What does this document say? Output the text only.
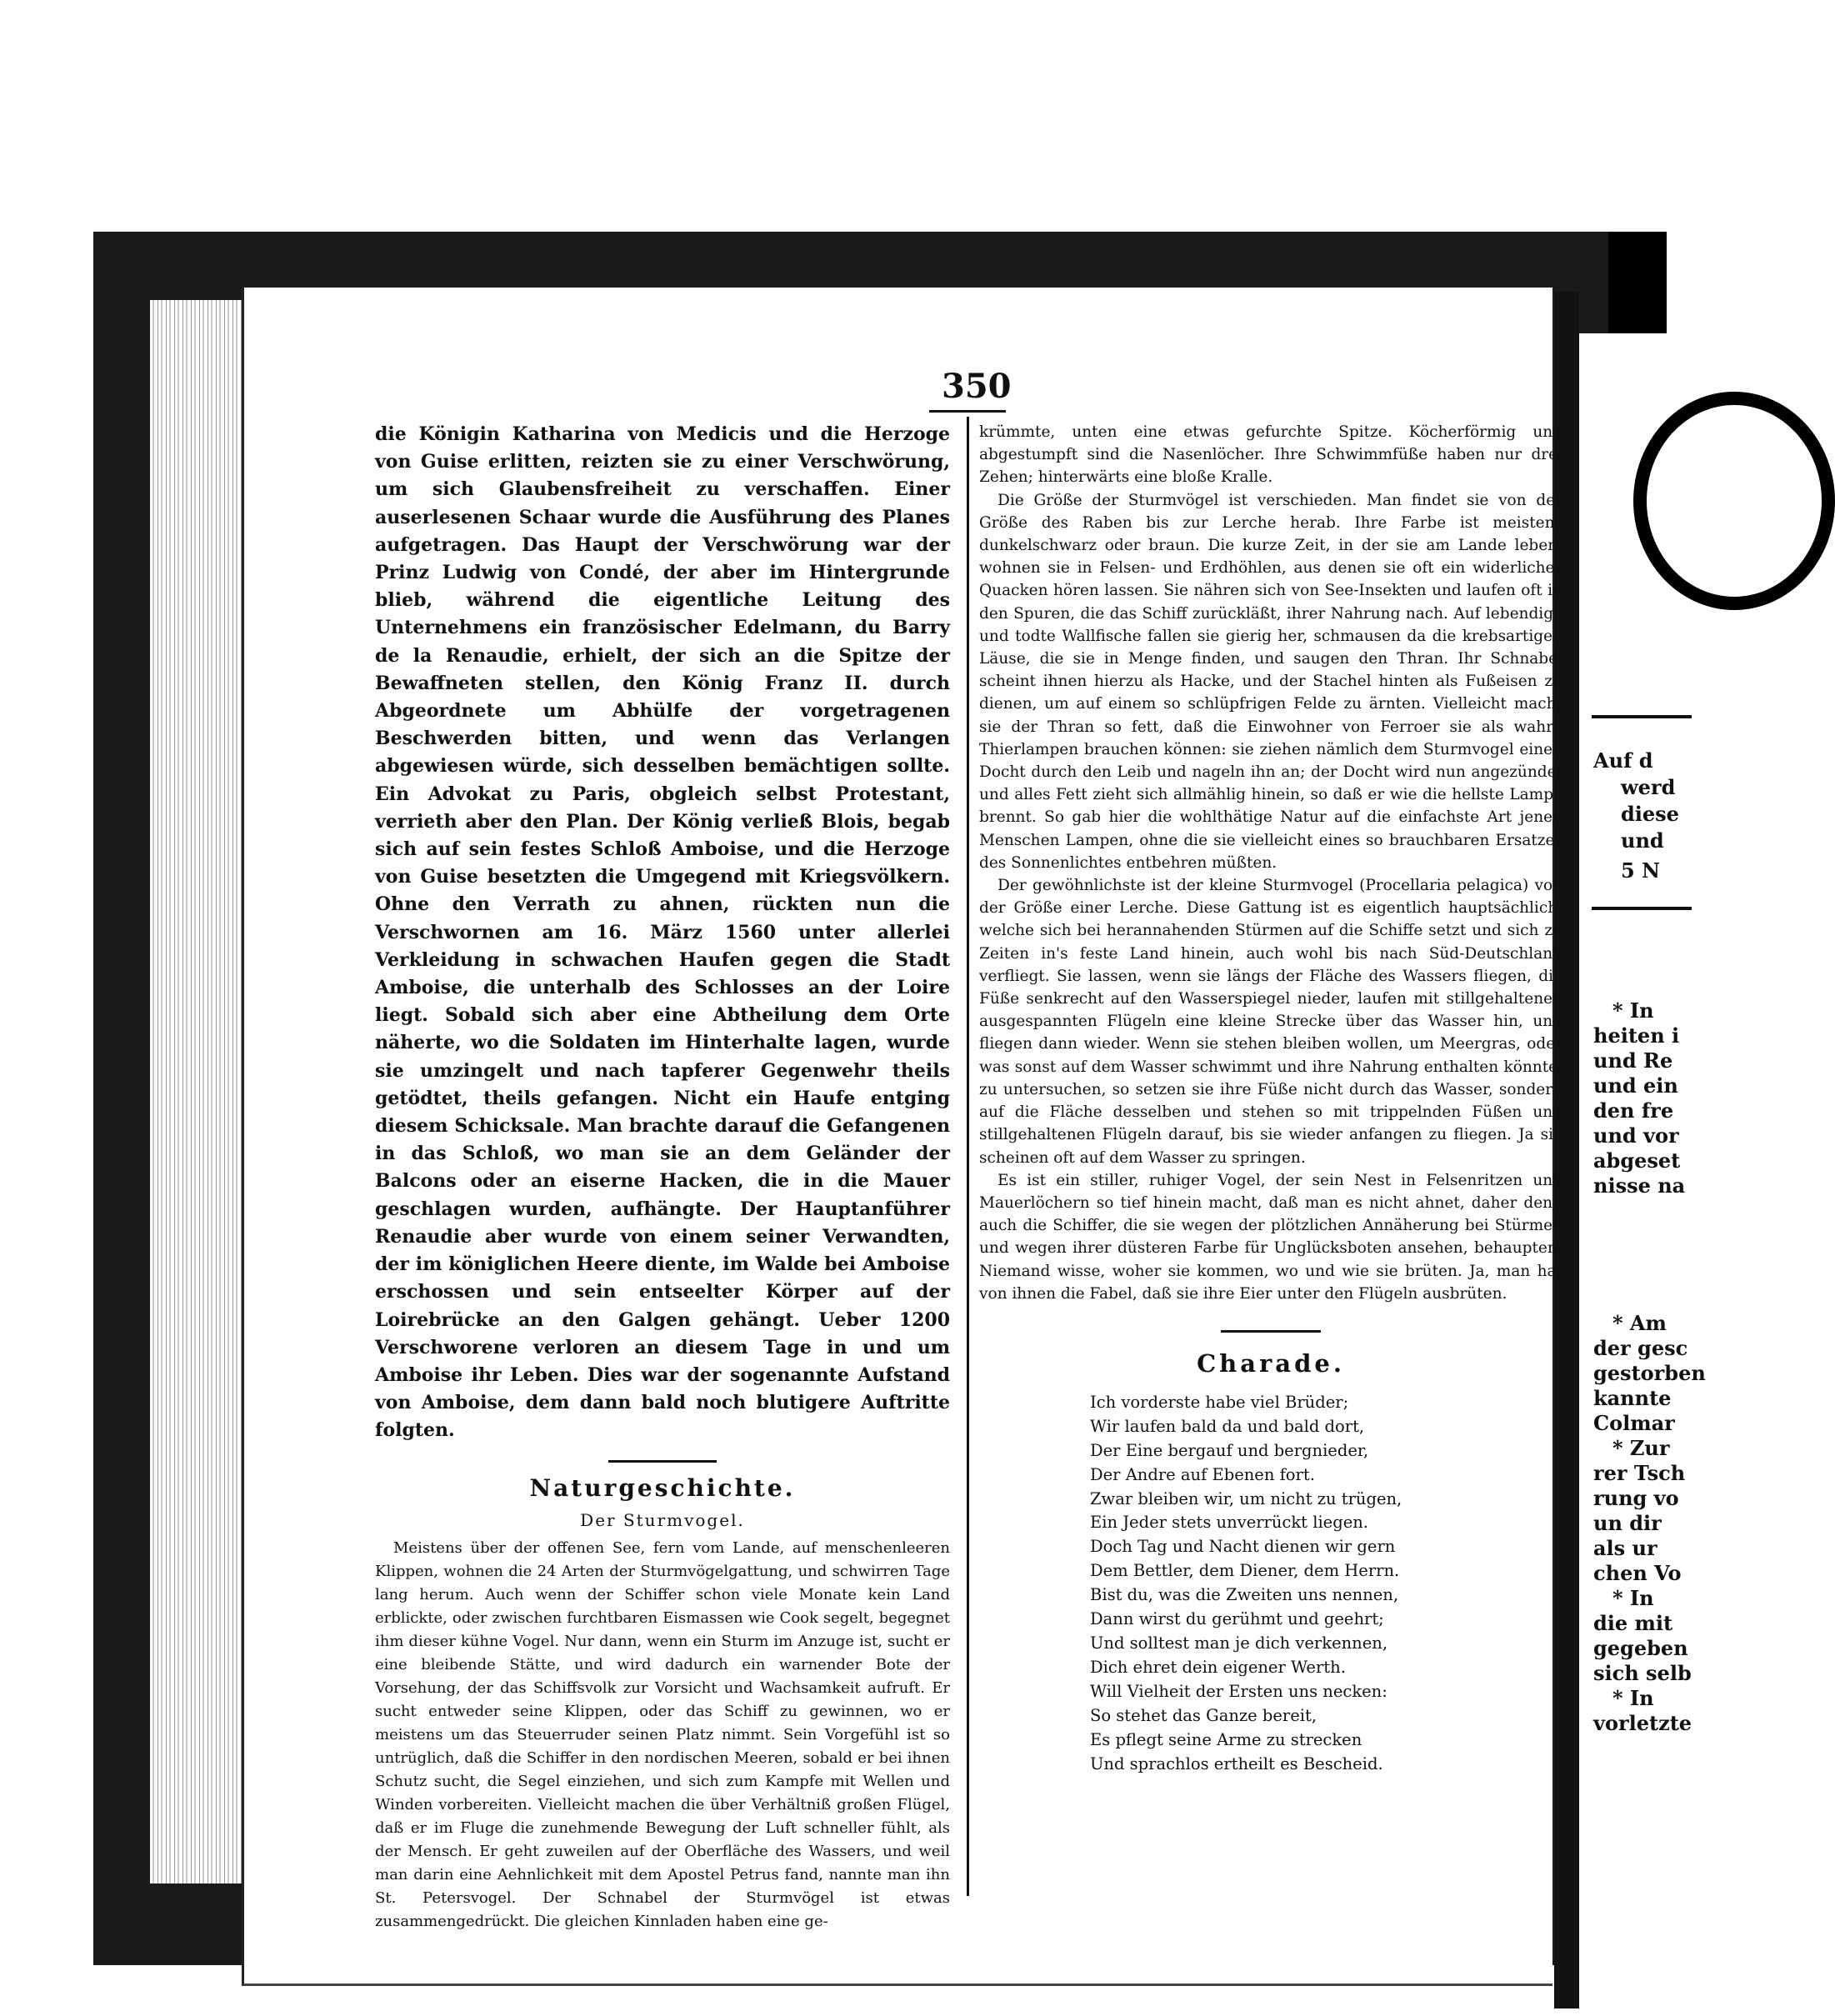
350

die Königin Katharina von Medicis und die Herzoge von Guise erlitten, reizten sie zu einer Verschwörung, um sich Glaubensfreiheit zu verschaffen. Einer auserlesenen Schaar wurde die Ausführung des Planes aufgetragen. Das Haupt der Verschwörung war der Prinz Ludwig von Condé, der aber im Hintergrunde blieb, während die eigentliche Leitung des Unternehmens ein französischer Edelmann, du Barry de la Renaudie, erhielt, der sich an die Spitze der Bewaffneten stellen, den König Franz II. durch Abgeordnete um Abhülfe der vorgetragenen Beschwerden bitten, und wenn das Verlangen abgewiesen würde, sich desselben bemächtigen sollte. Ein Advokat zu Paris, obgleich selbst Protestant, verrieth aber den Plan. Der König verließ Blois, begab sich auf sein festes Schloß Amboise, und die Herzoge von Guise besetzten die Umgegend mit Kriegsvölkern. Ohne den Verrath zu ahnen, rückten nun die Verschwornen am 16. März 1560 unter allerlei Verkleidung in schwachen Haufen gegen die Stadt Amboise, die unterhalb des Schlosses an der Loire liegt. Sobald sich aber eine Abtheilung dem Orte näherte, wo die Soldaten im Hinterhalte lagen, wurde sie umzingelt und nach tapferer Gegenwehr theils getödtet, theils gefangen. Nicht ein Haufe entging diesem Schicksale. Man brachte darauf die Gefangenen in das Schloß, wo man sie an dem Geländer der Balcons oder an eiserne Hacken, die in die Mauer geschlagen wurden, aufhängte. Der Hauptanführer Renaudie aber wurde von einem seiner Verwandten, der im königlichen Heere diente, im Walde bei Amboise erschossen und sein entseelter Körper auf der Loirebrücke an den Galgen gehängt. Ueber 1200 Verschworene verloren an diesem Tage in und um Amboise ihr Leben. Dies war der sogenannte Aufstand von Amboise, dem dann bald noch blutigere Auftritte folgten.

Naturgeschichte.
Der Sturmvogel.

Meistens über der offenen See, fern vom Lande, auf menschenleeren Klippen, wohnen die 24 Arten der Sturmvögelgattung, und schwirren Tage lang herum. Auch wenn der Schiffer schon viele Monate kein Land erblickte, oder zwischen furchtbaren Eismassen wie Cook segelt, begegnet ihm dieser kühne Vogel. Nur dann, wenn ein Sturm im Anzuge ist, sucht er eine bleibende Stätte, und wird dadurch ein warnender Bote der Vorsehung, der das Schiffsvolk zur Vorsicht und Wachsamkeit aufruft. Er sucht entweder seine Klippen, oder das Schiff zu gewinnen, wo er meistens um das Steuerruder seinen Platz nimmt. Sein Vorgefühl ist so untrüglich, daß die Schiffer in den nordischen Meeren, sobald er bei ihnen Schutz sucht, die Segel einziehen, und sich zum Kampfe mit Wellen und Winden vorbereiten. Vielleicht machen die über Verhältniß großen Flügel, daß er im Fluge die zunehmende Bewegung der Luft schneller fühlt, als der Mensch. Er geht zuweilen auf der Oberfläche des Wassers, und weil man darin eine Aehnlichkeit mit dem Apostel Petrus fand, nannte man ihn St. Petersvogel. Der Schnabel der Sturmvögel ist etwas zusammengedrückt. Die gleichen Kinnladen haben eine ge-

krümmte, unten eine etwas gefurchte Spitze. Köcherförmig und abgestumpft sind die Nasenlöcher. Ihre Schwimmfüße haben nur drei Zehen; hinterwärts eine bloße Kralle.

Die Größe der Sturmvögel ist verschieden. Man findet sie von der Größe des Raben bis zur Lerche herab. Ihre Farbe ist meistens dunkelschwarz oder braun. Die kurze Zeit, in der sie am Lande leben, wohnen sie in Felsen- und Erdhöhlen, aus denen sie oft ein widerliches Quacken hören lassen. Sie nähren sich von See-Insekten und laufen oft in den Spuren, die das Schiff zurückläßt, ihrer Nahrung nach. Auf lebendige und todte Wallfische fallen sie gierig her, schmausen da die krebsartigen Läuse, die sie in Menge finden, und saugen den Thran. Ihr Schnabel scheint ihnen hierzu als Hacke, und der Stachel hinten als Fußeisen zu dienen, um auf einem so schlüpfrigen Felde zu ärnten. Vielleicht macht sie der Thran so fett, daß die Einwohner von Ferroer sie als wahre Thierlampen brauchen können: sie ziehen nämlich dem Sturmvogel einen Docht durch den Leib und nageln ihn an; der Docht wird nun angezündet und alles Fett zieht sich allmählig hinein, so daß er wie die hellste Lampe brennt. So gab hier die wohlthätige Natur auf die einfachste Art jenen Menschen Lampen, ohne die sie vielleicht eines so brauchbaren Ersatzes des Sonnenlichtes entbehren müßten.

Der gewöhnlichste ist der kleine Sturmvogel (Procellaria pelagica) von der Größe einer Lerche. Diese Gattung ist es eigentlich hauptsächlich, welche sich bei herannahenden Stürmen auf die Schiffe setzt und sich zu Zeiten in's feste Land hinein, auch wohl bis nach Süd-Deutschland verfliegt. Sie lassen, wenn sie längs der Fläche des Wassers fliegen, die Füße senkrecht auf den Wasserspiegel nieder, laufen mit stillgehaltenen ausgespannten Flügeln eine kleine Strecke über das Wasser hin, und fliegen dann wieder. Wenn sie stehen bleiben wollen, um Meergras, oder was sonst auf dem Wasser schwimmt und ihre Nahrung enthalten könnte, zu untersuchen, so setzen sie ihre Füße nicht durch das Wasser, sondern auf die Fläche desselben und stehen so mit trippelnden Füßen und stillgehaltenen Flügeln darauf, bis sie wieder anfangen zu fliegen. Ja sie scheinen oft auf dem Wasser zu springen.

Es ist ein stiller, ruhiger Vogel, der sein Nest in Felsenritzen und Mauerlöchern so tief hinein macht, daß man es nicht ahnet, daher denn auch die Schiffer, die sie wegen der plötzlichen Annäherung bei Stürmen und wegen ihrer düsteren Farbe für Unglücksboten ansehen, behaupten: Niemand wisse, woher sie kommen, wo und wie sie brüten. Ja, man hat von ihnen die Fabel, daß sie ihre Eier unter den Flügeln ausbrüten.

Charade.
Ich vorderste habe viel Brüder;
Wir laufen bald da und bald dort,
Der Eine bergauf und bergnieder,
Der Andre auf Ebenen fort.
Zwar bleiben wir, um nicht zu trügen,
Ein Jeder stets unverrückt liegen.
Doch Tag und Nacht dienen wir gern
Dem Bettler, dem Diener, dem Herrn.
Bist du, was die Zweiten uns nennen,
Dann wirst du gerühmt und geehrt;
Und solltest man je dich verkennen,
Dich ehret dein eigener Werth.
Will Vielheit der Ersten uns necken:
So stehet das Ganze bereit,
Es pflegt seine Arme zu strecken
Und sprachlos ertheilt es Bescheid.
Auf d
werd
diese
und
5 N
* In
heiten i
und Re
und ein
den fre
und vor
abgeset
nisse na
* Am
der gesc
gestorben
kannte
Colmar
* Zur
rer Tsch
rung vo
un dir
als ur
chen Vo
* In
die mit
gegeben
sich selb
* In
vorletzte
